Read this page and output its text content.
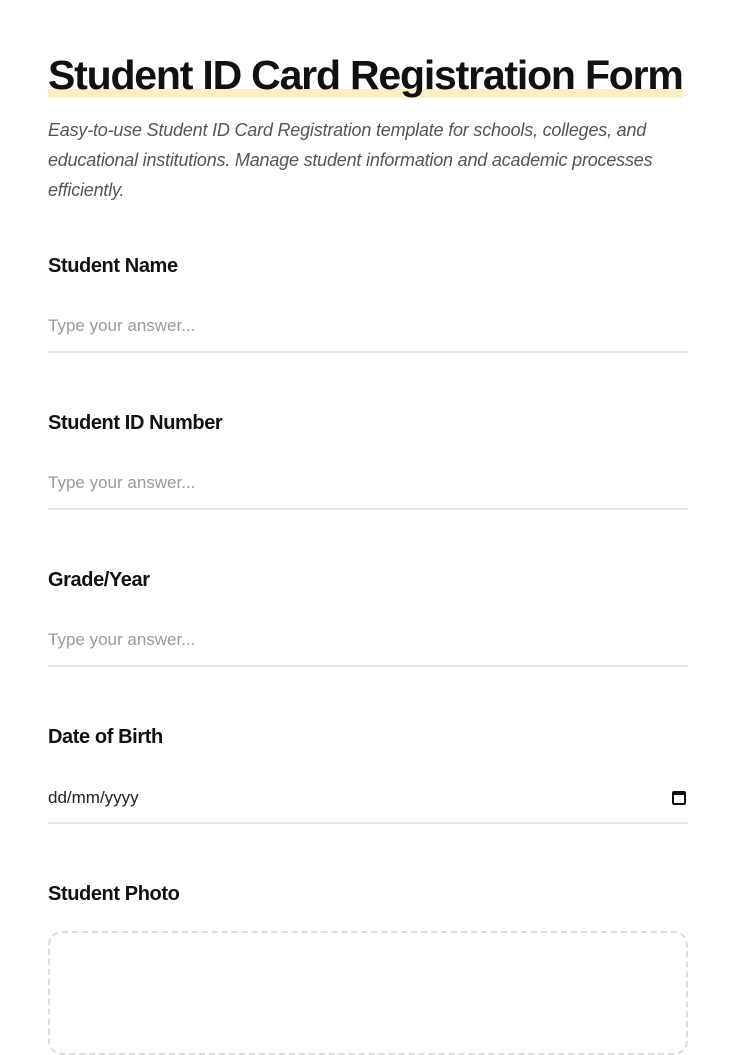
Student ID Card Registration Form

Easy-to-use Student ID Card Registration template for schools, colleges, and educational institutions. Manage student information and academic processes efficiently.

Student Name
Type your answer...
Student ID Number
Type your answer...
Grade/Year
Type your answer...
Date of Birth
dd/mm/yyyy
Student Photo
